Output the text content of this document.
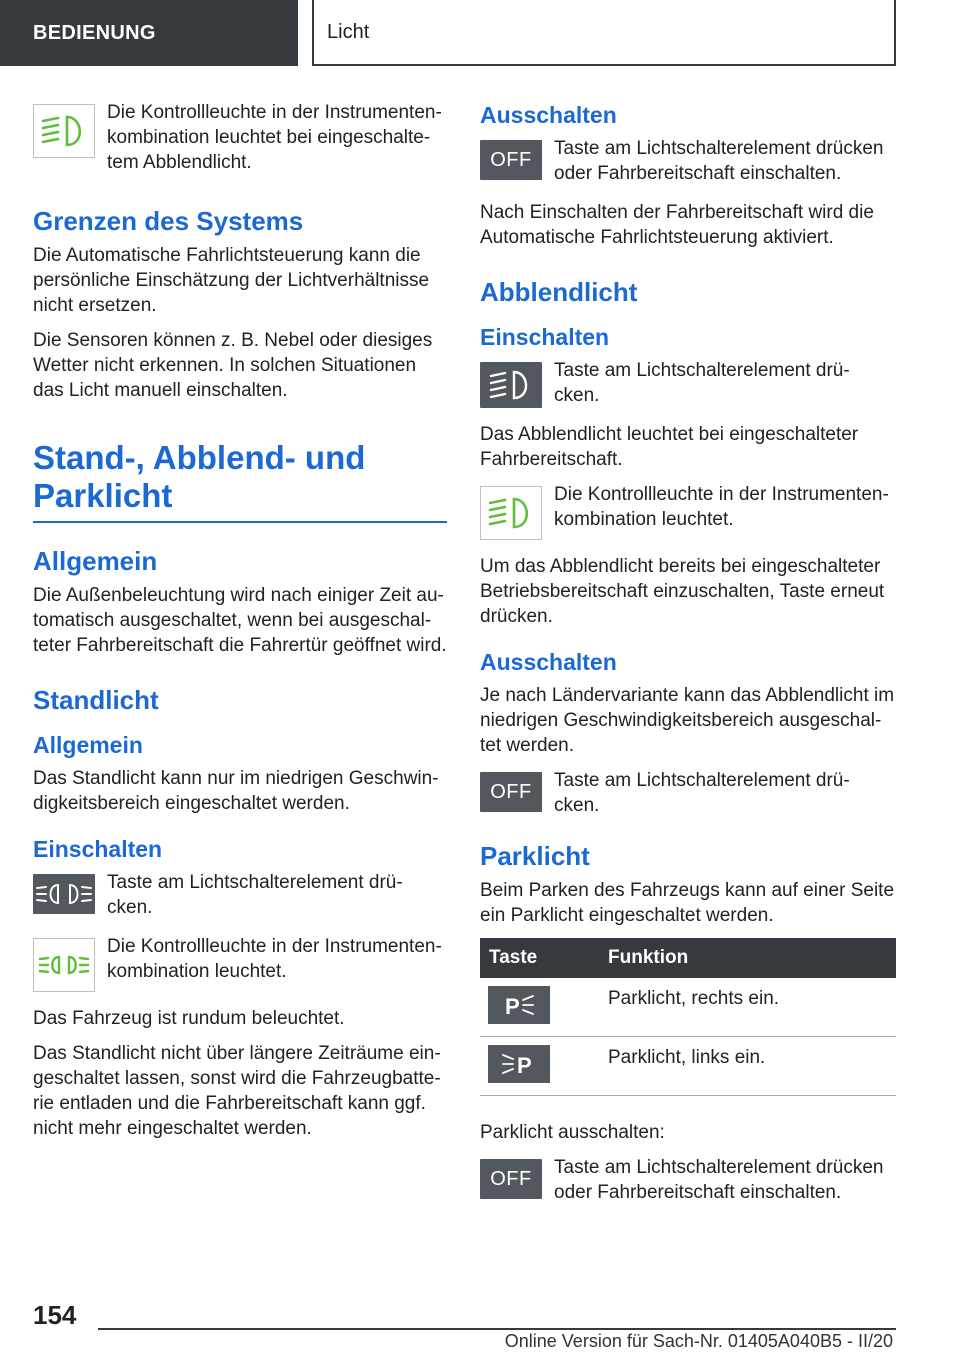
BEDIENUNG	Licht

Die Kontrollleuchte in der Instrumentenkombination leuchtet bei eingeschaltetem Abblendlicht.

Grenzen des Systems

Die Automatische Fahrlichtsteuerung kann die persönliche Einschätzung der Lichtverhältnisse nicht ersetzen.

Die Sensoren können z. B. Nebel oder diesiges Wetter nicht erkennen. In solchen Situationen das Licht manuell einschalten.

Stand-, Abblend- und Parklicht
Allgemein

Die Außenbeleuchtung wird nach einiger Zeit automatisch ausgeschaltet, wenn bei ausgeschalteter Fahrbereitschaft die Fahrertür geöffnet wird.

Standlicht
Allgemein

Das Standlicht kann nur im niedrigen Geschwindigkeitsbereich eingeschaltet werden.

Einschalten

Taste am Lichtschalterelement drücken.

Die Kontrollleuchte in der Instrumentenkombination leuchtet.

Das Fahrzeug ist rundum beleuchtet.

Das Standlicht nicht über längere Zeiträume eingeschaltet lassen, sonst wird die Fahrzeugbatterie entladen und die Fahrbereitschaft kann ggf. nicht mehr eingeschaltet werden.

Ausschalten
OFF	Taste am Lichtschalterelement drücken oder Fahrbereitschaft einschalten.

Nach Einschalten der Fahrbereitschaft wird die Automatische Fahrlichtsteuerung aktiviert.

Abblendlicht
Einschalten

Taste am Lichtschalterelement drücken.

Das Abblendlicht leuchtet bei eingeschalteter Fahrbereitschaft.

Die Kontrollleuchte in der Instrumentenkombination leuchtet.

Um das Abblendlicht bereits bei eingeschalteter Betriebsbereitschaft einzuschalten, Taste erneut drücken.

Ausschalten

Je nach Ländervariante kann das Abblendlicht im niedrigen Geschwindigkeitsbereich ausgeschaltet werden.

OFF	Taste am Lichtschalterelement drücken.

Parklicht

Beim Parken des Fahrzeugs kann auf einer Seite ein Parklicht eingeschaltet werden.

Taste	Funktion

P	Parklicht, rechts ein.

P	Parklicht, links ein.

Parklicht ausschalten:

OFF	Taste am Lichtschalterelement drücken oder Fahrbereitschaft einschalten.

154
Online Version für Sach-Nr. 01405A040B5 - II/20
